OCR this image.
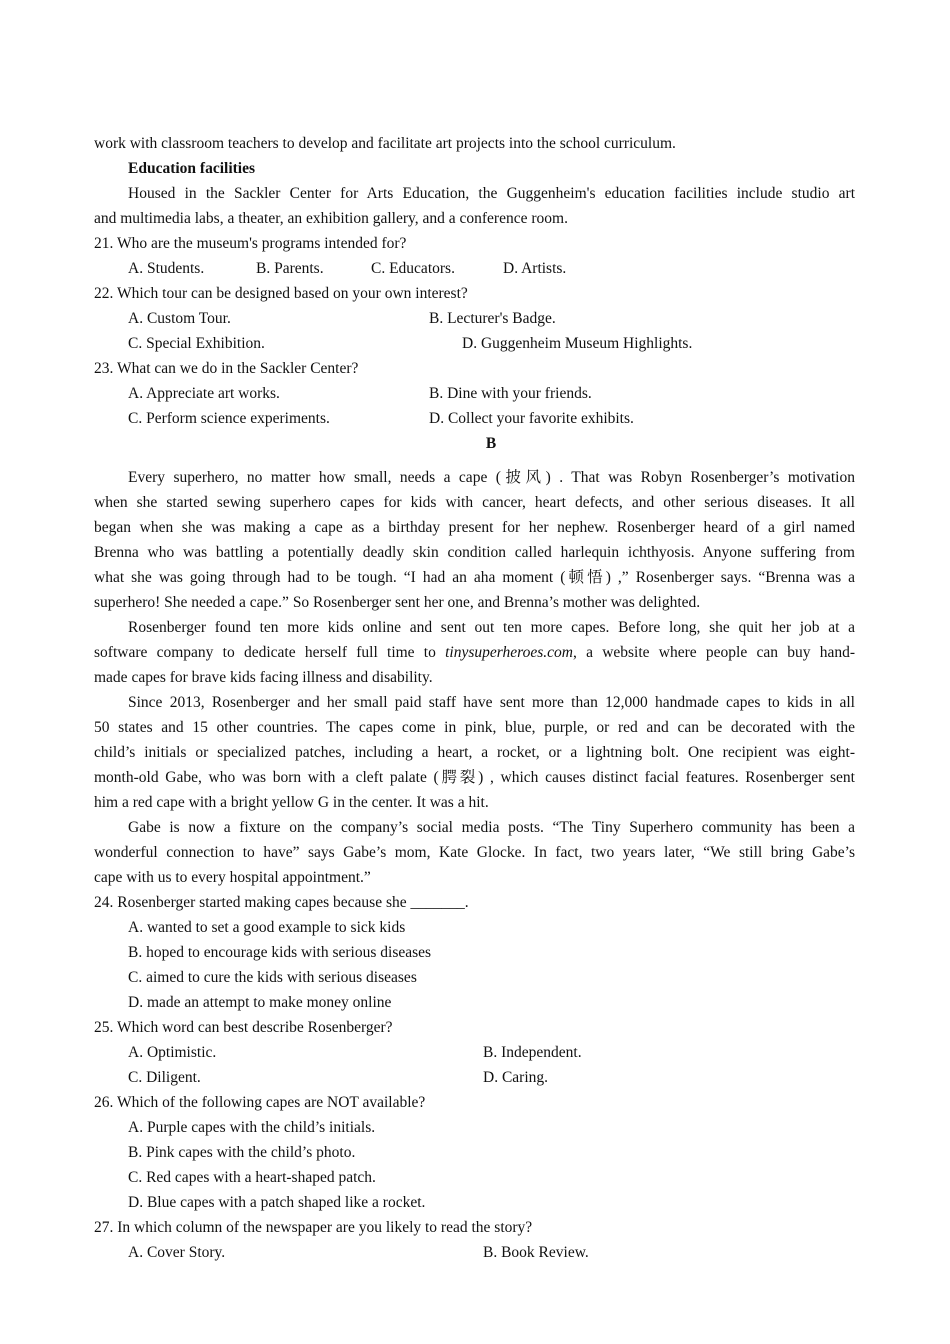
work with classroom teachers to develop and facilitate art projects into the school curriculum.
Education facilities
Housed in the Sackler Center for Arts Education, the Guggenheim's education facilities include studio art
and multimedia labs, a theater, an exhibition gallery, and a conference room.
21. Who are the museum's programs intended for?
A. Students.	B. Parents.	C. Educators.	D. Artists.
22. Which tour can be designed based on your own interest?
A. Custom Tour.	B. Lecturer's Badge.
C. Special Exhibition.	D. Guggenheim Museum Highlights.
23. What can we do in the Sackler Center?
A. Appreciate art works.	B. Dine with your friends.
C. Perform science experiments.	D. Collect your favorite exhibits.
B
Every superhero, no matter how small, needs a cape (披风) . That was Robyn Rosenberger’s motivation
when she started sewing superhero capes for kids with cancer, heart defects, and other serious diseases. It all
began when she was making a cape as a birthday present for her nephew. Rosenberger heard of a girl named
Brenna who was battling a potentially deadly skin condition called harlequin ichthyosis. Anyone suffering from
what she was going through had to be tough. “I had an aha moment (顿悟) ,” Rosenberger says. “Brenna was a
superhero! She needed a cape.” So Rosenberger sent her one, and Brenna’s mother was delighted.
Rosenberger found ten more kids online and sent out ten more capes. Before long, she quit her job at a
software company to dedicate herself full time to tinysuperheroes.com, a website where people can buy hand-
made capes for brave kids facing illness and disability.
Since 2013, Rosenberger and her small paid staff have sent more than 12,000 handmade capes to kids in all
50 states and 15 other countries. The capes come in pink, blue, purple, or red and can be decorated with the
child’s initials or specialized patches, including a heart, a rocket, or a lightning bolt. One recipient was eight-
month-old Gabe, who was born with a cleft palate (腭裂) , which causes distinct facial features. Rosenberger sent
him a red cape with a bright yellow G in the center. It was a hit.
Gabe is now a fixture on the company’s social media posts. “The Tiny Superhero community has been a
wonderful connection to have” says Gabe’s mom, Kate Glocke. In fact, two years later, “We still bring Gabe’s
cape with us to every hospital appointment.”
24. Rosenberger started making capes because she _______.
A. wanted to set a good example to sick kids
B. hoped to encourage kids with serious diseases
C. aimed to cure the kids with serious diseases
D. made an attempt to make money online
25. Which word can best describe Rosenberger?
A. Optimistic.	B. Independent.
C. Diligent.	D. Caring.
26. Which of the following capes are NOT available?
A. Purple capes with the child’s initials.
B. Pink capes with the child’s photo.
C. Red capes with a heart-shaped patch.
D. Blue capes with a patch shaped like a rocket.
27. In which column of the newspaper are you likely to read the story?
A. Cover Story.	B. Book Review.
